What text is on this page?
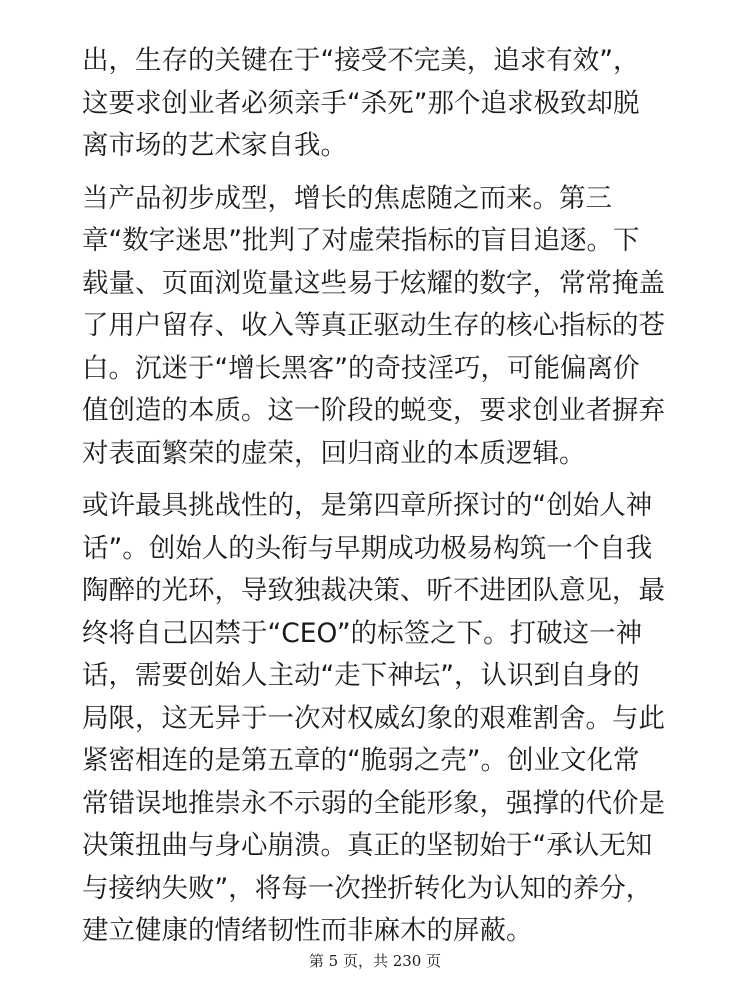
出，生存的关键在于“接受不完美，追求有效”，
这要求创业者必须亲手“杀死”那个追求极致却脱
离市场的艺术家自我。
当产品初步成型，增长的焦虑随之而来。第三
章“数字迷思”批判了对虚荣指标的盲目追逐。下
载量、页面浏览量这些易于炫耀的数字，常常掩盖
了用户留存、收入等真正驱动生存的核心指标的苍
白。沉迷于“增长黑客”的奇技淫巧，可能偏离价
值创造的本质。这一阶段的蜕变，要求创业者摒弃
对表面繁荣的虚荣，回归商业的本质逻辑。
或许最具挑战性的，是第四章所探讨的“创始人神
话”。创始人的头衔与早期成功极易构筑一个自我
陶醉的光环，导致独裁决策、听不进团队意见，最
终将自己囚禁于“CEO”的标签之下。打破这一神
话，需要创始人主动“走下神坛”，认识到自身的
局限，这无异于一次对权威幻象的艰难割舍。与此
紧密相连的是第五章的“脆弱之壳”。创业文化常
常错误地推崇永不示弱的全能形象，强撑的代价是
决策扭曲与身心崩溃。真正的坚韧始于“承认无知
与接纳失败”，将每一次挫折转化为认知的养分，
建立健康的情绪韧性而非麻木的屏蔽。
第 5 页，共 230 页
